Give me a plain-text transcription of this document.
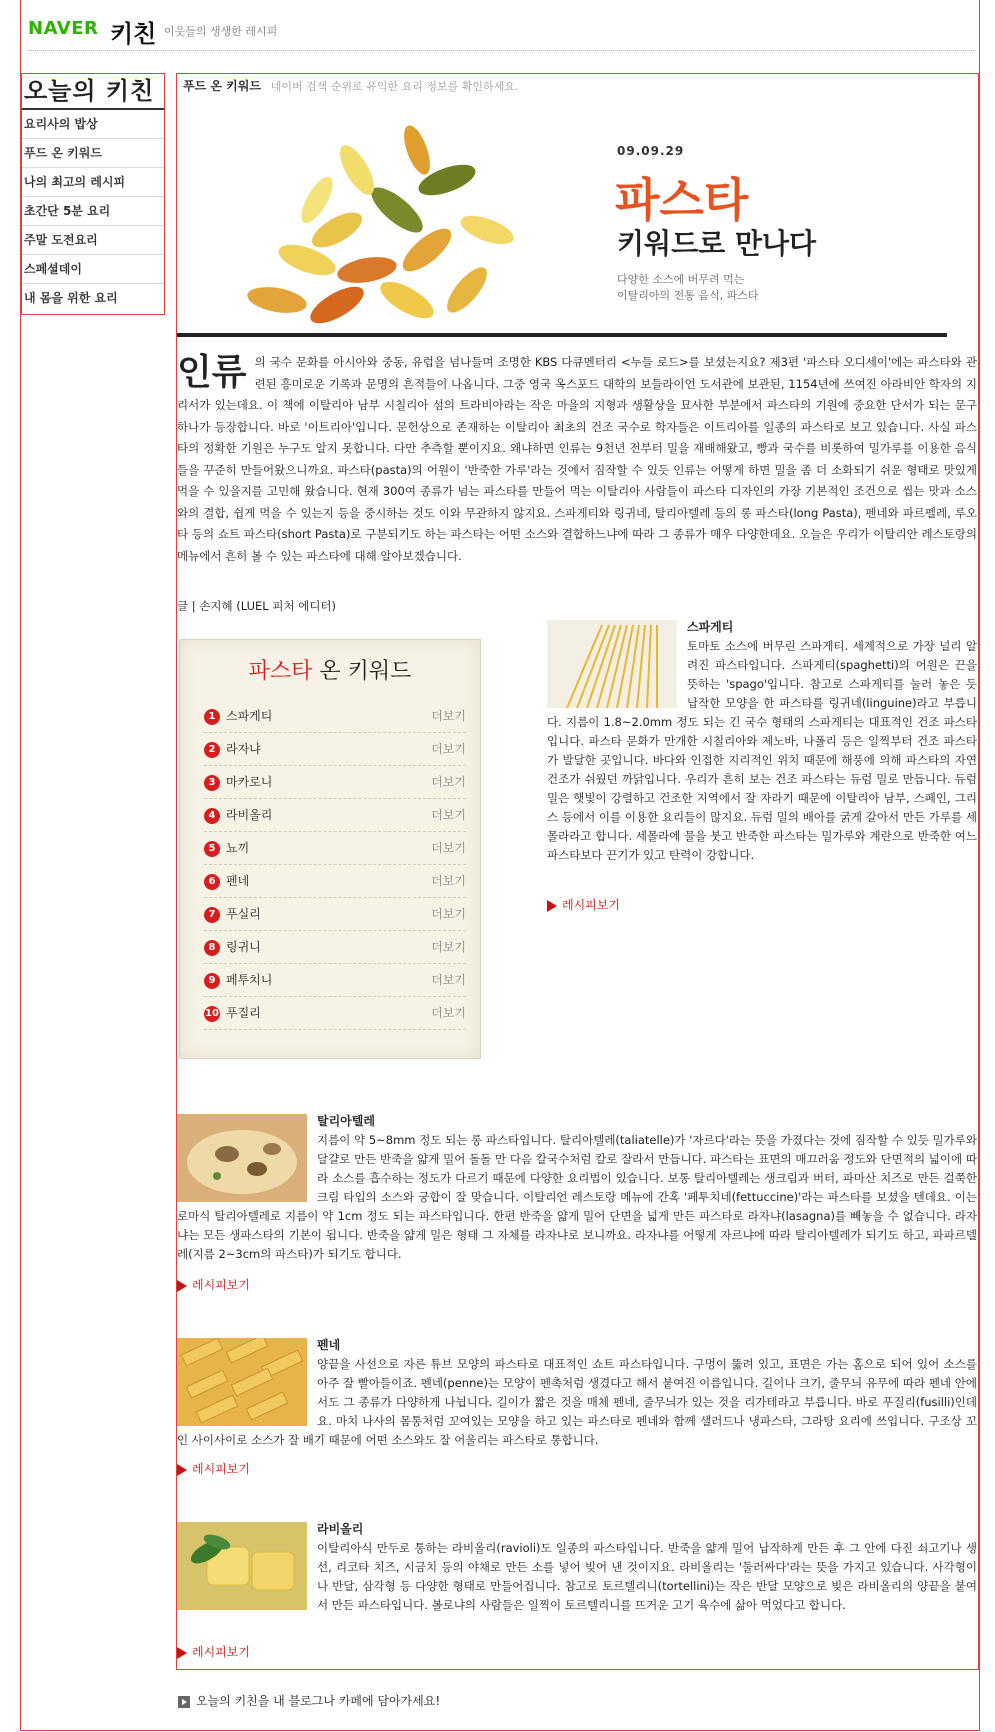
NAVER 키친 이웃들의 생생한 레시피
오늘의 키친
요리사의 밥상
푸드 온 키워드
나의 최고의 레시피
초간단 5분 요리
주말 도전요리
스페셜데이
내 몸을 위한 요리
푸드 온 키워드 네이버 검색 순위로 유익한 요리 정보를 확인하세요.
09.09.29
파스타
키워드로 만나다
다양한 소스에 버무려 먹는
이탈리아의 전통 음식, 파스타
인류 의 국수 문화를 아시아와 중동, 유럽을 넘나들며 조명한 KBS 다큐멘터리 <누들 로드>를 보셨는지요? 제3편 '파스타 오디세이'에는 파스타와 관련된 흥미로운 기록과 문명의 흔적들이 나옵니다. 그중 영국 옥스포드 대학의 보들라이언 도서관에 보관된, 1154년에 쓰여진 아라비안 학자의 지리서가 있는데요. 이 책에 이탈리아 남부 시칠리아 섬의 트라비아라는 작은 마을의 지형과 생활상을 묘사한 부분에서 파스타의 기원에 중요한 단서가 되는 문구 하나가 등장합니다. 바로 '이트리아'입니다. 문헌상으로 존재하는 이탈리아 최초의 건조 국수로 학자들은 이트리아를 일종의 파스타로 보고 있습니다. 사실 파스타의 정확한 기원은 누구도 알지 못합니다. 다만 추측할 뿐이지요. 왜냐하면 인류는 9천년 전부터 밀을 재배해왔고, 빵과 국수를 비롯하여 밀가루를 이용한 음식들을 꾸준히 만들어왔으니까요. 파스타(pasta)의 어원이 '반죽한 가루'라는 것에서 짐작할 수 있듯 인류는 어떻게 하면 밀을 좀 더 소화되기 쉬운 형태로 맛있게 먹을 수 있을지를 고민해 왔습니다. 현재 300여 종류가 넘는 파스타를 만들어 먹는 이탈리아 사람들이 파스타 디자인의 가장 기본적인 조건으로 씹는 맛과 소스와의 결합, 쉽게 먹을 수 있는지 등을 중시하는 것도 이와 무관하지 않지요. 스파게티와 링귀네, 탈리아텔레 등의 롱 파스타(long Pasta), 펜네와 파르펠레, 루오타 등의 쇼트 파스타(short Pasta)로 구분되기도 하는 파스타는 어떤 소스와 결합하느냐에 따라 그 종류가 매우 다양한데요. 오늘은 우리가 이탈리안 레스토랑의 메뉴에서 흔히 볼 수 있는 파스타에 대해 알아보겠습니다.
글 | 손지혜 (LUEL 피처 에디터)
파스타 온 키워드
1 스파게티	더보기
2 라자냐	더보기
3 마카로니	더보기
4 라비올리	더보기
5 뇨끼	더보기
6 펜네	더보기
7 푸실리	더보기
8 링귀니	더보기
9 페투치니	더보기
10 푸질리	더보기
스파게티
토마토 소스에 버무린 스파게티. 세계적으로 가장 널리 알려진 파스타입니다. 스파게티(spaghetti)의 어원은 끈을 뜻하는 'spago'입니다. 참고로 스파게티를 눌러 놓은 듯 납작한 모양을 한 파스타를 링귀네(linguine)라고 부릅니다. 지름이 1.8~2.0mm 정도 되는 긴 국수 형태의 스파게티는 대표적인 건조 파스타입니다. 파스타 문화가 만개한 시칠리아와 제노바, 나폴리 등은 일찍부터 건조 파스타가 발달한 곳입니다. 바다와 인접한 지리적인 위치 때문에 해풍에 의해 파스타의 자연 건조가 쉬웠던 까닭입니다. 우리가 흔히 보는 건조 파스타는 듀럼 밀로 만듭니다. 듀럼 밀은 햇빛이 강렬하고 건조한 지역에서 잘 자라기 때문에 이탈리아 남부, 스페인, 그리스 등에서 이를 이용한 요리들이 많지요. 듀럼 밀의 배아를 굵게 갈아서 만든 가루를 세몰라라고 합니다. 세몰라에 물을 붓고 반죽한 파스타는 밀가루와 계란으로 반죽한 여느 파스타보다 끈기가 있고 탄력이 강합니다.
레시피보기
탈리아텔레
지름이 약 5~8mm 정도 되는 롱 파스타입니다. 탈리아텔레(taliatelle)가 '자르다'라는 뜻을 가졌다는 것에 짐작할 수 있듯 밀가루와 달걀로 만든 반죽을 얇게 밀어 돌돌 만 다음 칼국수처럼 칼로 잘라서 만듭니다. 파스타는 표면의 매끄러움 정도와 단면적의 넓이에 따라 소스를 흡수하는 정도가 다르기 때문에 다양한 요리법이 있습니다. 보통 탈리아텔레는 생크림과 버터, 파마산 치즈로 만든 걸쭉한 크림 타입의 소스와 궁합이 잘 맞습니다. 이탈리언 레스토랑 메뉴에 간혹 '페투치네(fettuccine)'라는 파스타를 보셨을 텐데요. 이는 로마식 탈리아텔레로 지름이 약 1cm 정도 되는 파스타입니다. 한편 반죽을 얇게 밀어 단면을 넓게 만든 파스타로 라자냐(lasagna)를 빼놓을 수 없습니다. 라자냐는 모든 생파스타의 기본이 됩니다. 반죽을 얇게 밀은 형태 그 자체를 라자냐로 보니까요. 라자냐를 어떻게 자르냐에 따라 탈리아텔레가 되기도 하고, 파파르델레(지름 2~3cm의 파스타)가 되기도 합니다.
레시피보기
펜네
양끝을 사선으로 자른 튜브 모양의 파스타로 대표적인 쇼트 파스타입니다. 구멍이 뚫려 있고, 표면은 가는 홈으로 되어 있어 소스를 아주 잘 빨아들이죠. 펜네(penne)는 모양이 펜촉처럼 생겼다고 해서 붙여진 이름입니다. 길이나 크기, 줄무늬 유무에 따라 펜네 안에서도 그 종류가 다양하게 나뉩니다. 길이가 짧은 것을 매체 펜네, 줄무늬가 있는 것을 리가테라고 부릅니다. 바로 푸질리(fusilli)인데요. 마치 나사의 몸통처럼 꼬여있는 모양을 하고 있는 파스타로 펜네와 함께 샐러드나 냉파스타, 그라탕 요리에 쓰입니다. 구조상 꼬인 사이사이로 소스가 잘 배기 때문에 어떤 소스와도 잘 어울리는 파스타로 통합니다.
레시피보기
라비올리
이탈리아식 만두로 통하는 라비올리(ravioli)도 일종의 파스타입니다. 반죽을 얇게 밀어 납작하게 만든 후 그 안에 다진 쇠고기나 생선, 리코타 치즈, 시금치 등의 야채로 만든 소를 넣어 빚어 낸 것이지요. 라비올리는 '둘러싸다'라는 뜻을 가지고 있습니다. 사각형이나 반달, 삼각형 등 다양한 형태로 만들어집니다. 참고로 토르텔리니(tortellini)는 작은 반달 모양으로 빚은 라비올리의 양끝을 붙여서 만든 파스타입니다. 볼로냐의 사람들은 일찍이 토르텔리니를 뜨거운 고기 육수에 삶아 먹었다고 합니다.
레시피보기
오늘의 키친을 내 블로그나 카페에 담아가세요!
